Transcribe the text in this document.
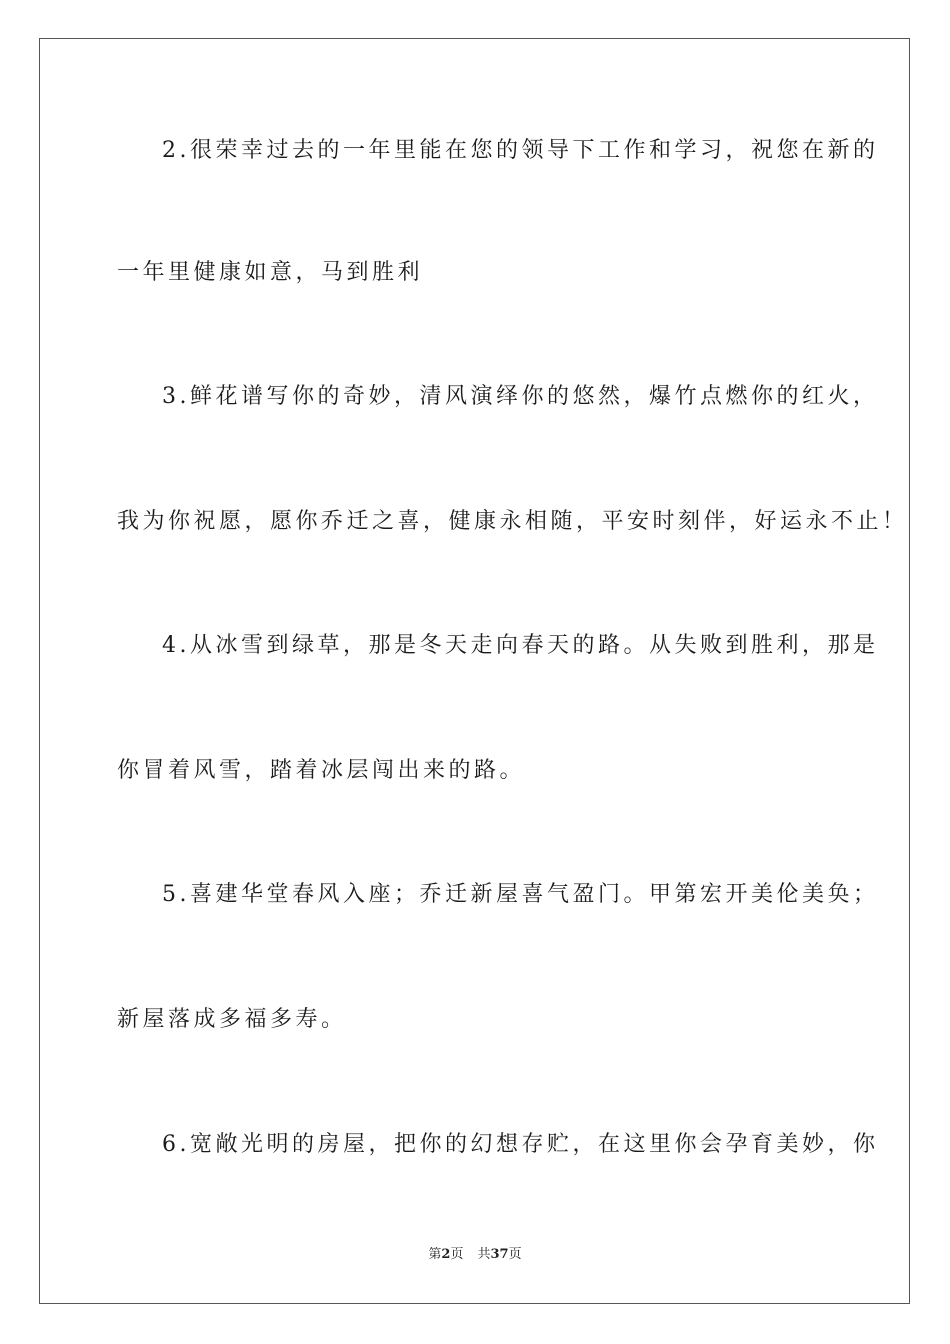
2.很荣幸过去的一年里能在您的领导下工作和学习，祝您在新的
一年里健康如意，马到胜利
3.鲜花谱写你的奇妙，清风演绎你的悠然，爆竹点燃你的红火，
我为你祝愿，愿你乔迁之喜，健康永相随，平安时刻伴，好运永不止！
4.从冰雪到绿草，那是冬天走向春天的路。从失败到胜利，那是
你冒着风雪，踏着冰层闯出来的路。
5.喜建华堂春风入座；乔迁新屋喜气盈门。甲第宏开美伦美奂；
新屋落成多福多寿。
6.宽敞光明的房屋，把你的幻想存贮，在这里你会孕育美妙，你
第2页 共37页
